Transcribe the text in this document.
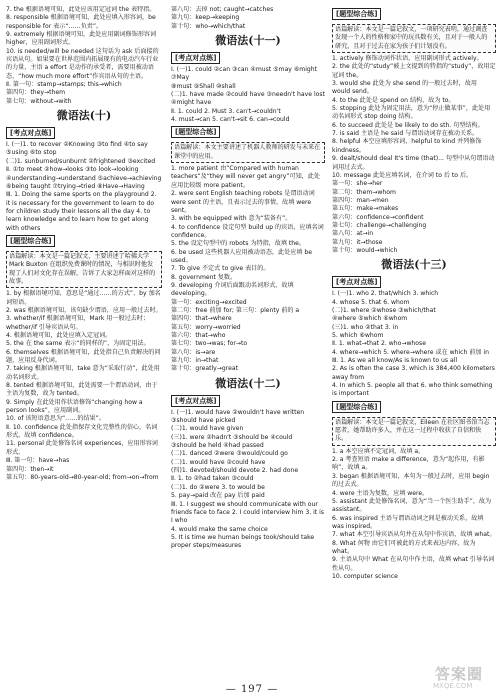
7. the 根据语境可知，此处应该用定冠词 the 表特指。

8. responsible 根据语境可知，此处应填入形容词，be responsible for 表示“……负责”。

9. extremely 根据语境可知，此处应用副词修饰形容词 higher，应用副词形式。

10. is needed/will be needed 这句话为 ask 后面接的宾语从句。如果要在世界范围内拓展现有的电动汽车行业的力量，主语 a effort 是动作的承受者，需要用被动语态，“how much more effort”作宾语从句的主语。

Ⅱ. 第一句：stamp→stamps; this→which

第四句：they→them

第七句：without→with

微语法(十)

[考点对点练]

Ⅰ. (一)1. to recover ②Knowing ③to find ④to say ⑤using ⑥to stop

(二)1. sunburned/sunburnt ②frightened ③excited

Ⅱ. ①to meet ②how→looks ③to look→looking ④understanding→understand ⑤achieve→achieving ⑥being taught ⑦trying→tried ⑧Have→Having

Ⅲ. 1. Doing the same sports on the playground 2. it is necessary for the government to learn to do for children study their lessons all the day 4. to learn knowledge and to learn how to get along with others

[题型综合练]

语篇解读：本文是一篇记叙文，主要讲述了哈佛大学 Mark Buxton 在组织免费课时的情况，与相识时他发现了人们对文化存在误解，告诉了大家怎样面对这样的故事。

1. by 根据语境可知，意思是“通过……的方式”，by 加名词短语。

2. was 根据语境可知，该句缺少谓语，应用一般过去时。

3. whether/if 根据语境可知，Mark 用一般过去时；whether/if 引导宾语从句。

4. 根据语境可知，此处应填入定冠词。

5. the 在 the same 表示“的同样的”，为固定用法。

6. themselves 根据语境可知，此处指自己负责解决的问题，应用反身代词。

7. taking 根据语境可知，take 意为“采取行动”，此处用动名词形式。

8. tented 根据语境可知，此处需要一个谓语动词，由于主语为复数，故为 tented。

9. Simply 在此处用作状语修饰“changing how a person looks”，应用副词。

10. of 该短语意思为“……的结果”。

Ⅱ. 10. confidence 此处指保存文化完整性的信心，名词形式。故填 confidence。

11. personal 此处修饰名词 experiences，应用形容词形式。

Ⅲ. 第一句：have→has

第四句：then→it

第五句：80-years-old→80-year-old; from→on→from

第八句：去掉 not; caught→catches

第九句：keep→keeping

第十句：who→which/that

微语法(十一)

[考点对点练]

Ⅰ. (一)1. could ②can ③can ④must ⑤may ⑥might ⑦May

⑧must ⑨Shall ⑩shall

(二)1. have made ②could have ③needn't have lost ④might have

Ⅱ. 1. could 2. Must 3. can't→couldn't

4. must→can 5. can't→sit 6. can→could

[题型综合练]

语篇解读：本文主要讲述了机器人教师的研发与未来在课堂中的应用。

1. more patient 由“Compared with human teachers”及“they will never get angry”可知，此处应用比较级 more patient。

2. were sent English teaching robots 是谓语动词 were sent 的主语，且表示过去的事情，故填 were sent。

3. with be equipped with 意为“装备有”。

4. to confidence 设定句型 build up 的宾语，应填名词 confidence。

5. the 设定句型中的 robots 为特指，故填 the。

6. be used 这些机器人应用被动语态，此处应填 be used。

7. To give 不定式 to give 表目的。

8. government 复数。

9. developing 介词后面跟动名词形式，故填 developing。

第一句：exciting→excited

第二句：free 前加 for; 第三句：plenty 前的 a

第四句：that→where

第五句：worry→worried

第六句：that→who

第七句：two→was; for→to

第八句：is→are

第九句：in→that

第十句：greatly→great

微语法(十二)

[考点对点练]

Ⅰ. (一)1. would have ②wouldn't have written ③should have picked

(二)1. would have given

(三)1. were ②hadn't ③should be ④could

③should be held ④had passed

(二)1. danced ②were ③would/could go

(二)1. would have ②could have

(四)1. devoted/should devote 2. had done

Ⅱ. 1. to ②had taken ③could

(二)1. do ②were 3. to would be

5. pay→paid 改在 pay 后加 paid

Ⅲ. 1. I suggest we should communicate with our friends face to face 2. I could interview him 3. it is I who

4. would make the same choice

5. It is time we human beings took/should take proper steps/measures

[题型综合练]

语篇解读：本文是一篇记叙文，一项研究表明，通过调查发现一个人的性格和家中的玩具数有关，且对于一般人的研究，且对于过去在家为孩子们计划没有。

1. actively 修饰动词作状语，应用副词形式 actively。

2. the 此处的“study”被上文提到的特指的“study”，故用定冠词 the。

3. would she 此处为 she send 的一般过去时，故用 would send。

4. to the 此处是 spend on 结构，故为 to。

5. stopping 此处为固定用法，意为“停止做某事”，此处用动名词形式 stop doing 结构。

6. to succeed 此处是 be likely to do sth. 句型结构。

7. is said 主语是 he said 与谓语动词存在被动关系。

8. helpful 本空应填形容词，helpful to kind 并列修饰 kindness。

9. dealt/should deal It's time (that)... 句型中从句谓语动词用过去式。

10. message 此处应填名词，在介词 to 后 to 后。

第一句：she→her

第二句：them→whom

第四句：man→men

第五句：make→makes

第六句：confidence→confident

第七句：challenge→challenging

第八句：at→in

第九句：it→those

第十句：would→which

微语法(十三)

[考点对点练]

Ⅰ. (一)1. who 2. that/which 3. which

4. whose 5. that 6. whom

(二)1. where ②whose ③which/that

④where ⑤which ⑥whom

(三)1. who ②that 3. in

5. which ⑥whom

Ⅱ. 1. what→that 2. who→whose

4. where→which 5. where→where 或在 which 前加 in

Ⅲ. 1. As we all know/As is known to us all

2. As is often the case 3. which is 384,400 kilometers away from

4. In which 5. people all that 6. who think something is important

[题型综合练]

语篇解读：本文是一篇记叙文，Eileen 在社区图书馆当志愿者，她帮助许多人，并在这一过程中收获了自信和快乐。

1. a 本空应填不定冠词，故填 a。

2. a 考查短语 make a difference，意为“起作用，有影响”，故填 a。

3. began 根据语境可知，本句为一般过去时，应用 begin 的过去式。

4. were 主语为复数，应填 were。

5. assistant 此处修饰名词，意为“当一个医生助手”，故为 assistant。

6. was inspired 主语与谓语动词之间是被动关系，故填 was inspired。

7. what 本空引导宾语从句并在从句中作宾语，故填 what。

8. What 何物 由它们可被此的方式来表达内容，故为 what。

9. 主语从句中 What 在从句中作主语，故填 what 引导名词性从句。

10. computer science

— 197 —
答案圈
MXQE.COM
